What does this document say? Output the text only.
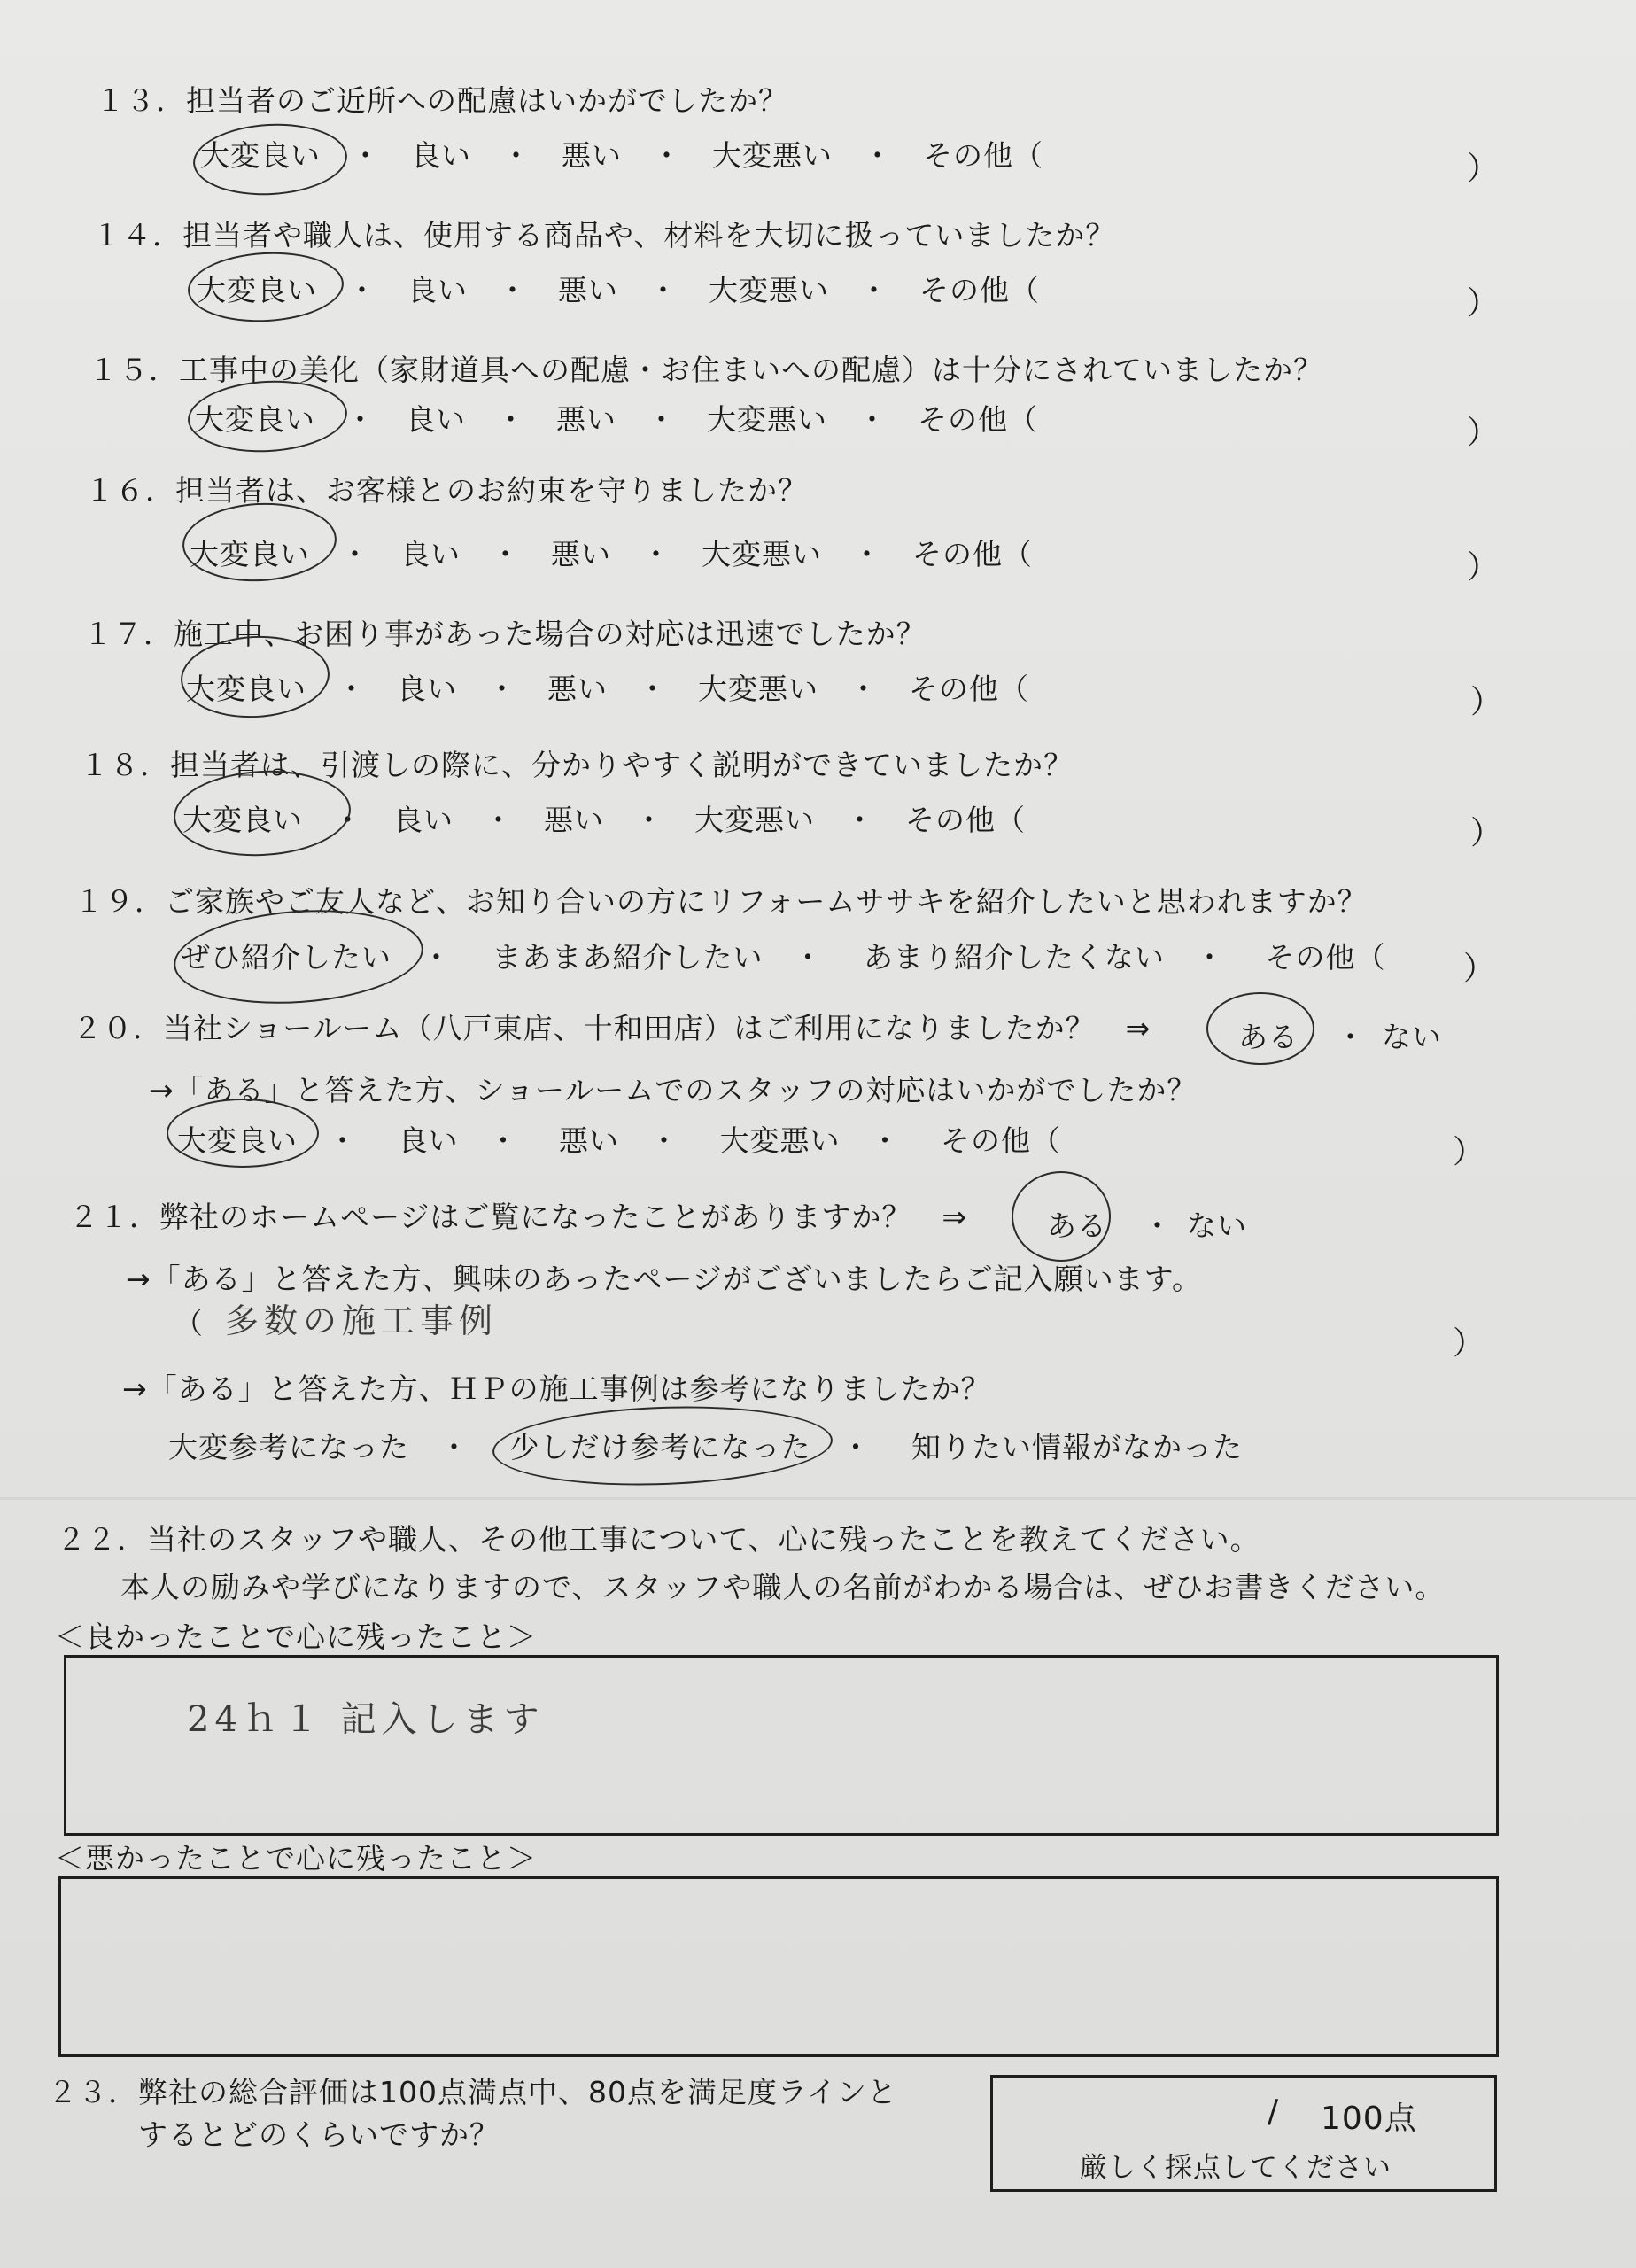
１３．担当者のご近所への配慮はいかがでしたか？
大変良い ・ 良い ・ 悪い ・ 大変悪い ・ その他（	）
１４．担当者や職人は、使用する商品や、材料を大切に扱っていましたか？
大変良い ・ 良い ・ 悪い ・ 大変悪い ・ その他（	）
１５．工事中の美化（家財道具への配慮・お住まいへの配慮）は十分にされていましたか？
大変良い ・ 良い ・ 悪い ・ 大変悪い ・ その他（	）
１６．担当者は、お客様とのお約束を守りましたか？
大変良い ・ 良い ・ 悪い ・ 大変悪い ・ その他（	）
１７．施工中、お困り事があった場合の対応は迅速でしたか？
大変良い ・ 良い ・ 悪い ・ 大変悪い ・ その他（	）
１８．担当者は、引渡しの際に、分かりやすく説明ができていましたか？
大変良い ・ 良い ・ 悪い ・ 大変悪い ・ その他（	）
１９．ご家族やご友人など、お知り合いの方にリフォームササキを紹介したいと思われますか？
ぜひ紹介したい ・ まあまあ紹介したい ・ あまり紹介したくない ・ その他（ ）
２０．当社ショールーム（八戸東店、十和田店）はご利用になりましたか？　⇒	ある ・ ない
→「ある」と答えた方、ショールームでのスタッフの対応はいかがでしたか？
大変良い ・ 良い ・ 悪い ・ 大変悪い ・ その他（	）
２１．弊社のホームページはご覧になったことがありますか？　⇒	ある ・ ない
→「ある」と答えた方、興味のあったページがございましたらご記入願います。
（ 多数の施工事例
）
→「ある」と答えた方、ＨＰの施工事例は参考になりましたか？
大変参考になった ・ 少しだけ参考になった ・ 知りたい情報がなかった
２２．当社のスタッフや職人、その他工事について、心に残ったことを教えてください。
本人の励みや学びになりますので、スタッフや職人の名前がわかる場合は、ぜひお書きください。
＜良かったことで心に残ったこと＞
24ｈ１ 記入します
＜悪かったことで心に残ったこと＞
２３．弊社の総合評価は100点満点中、80点を満足度ラインと
するとどのくらいですか？
/ 100点
厳しく採点してください
